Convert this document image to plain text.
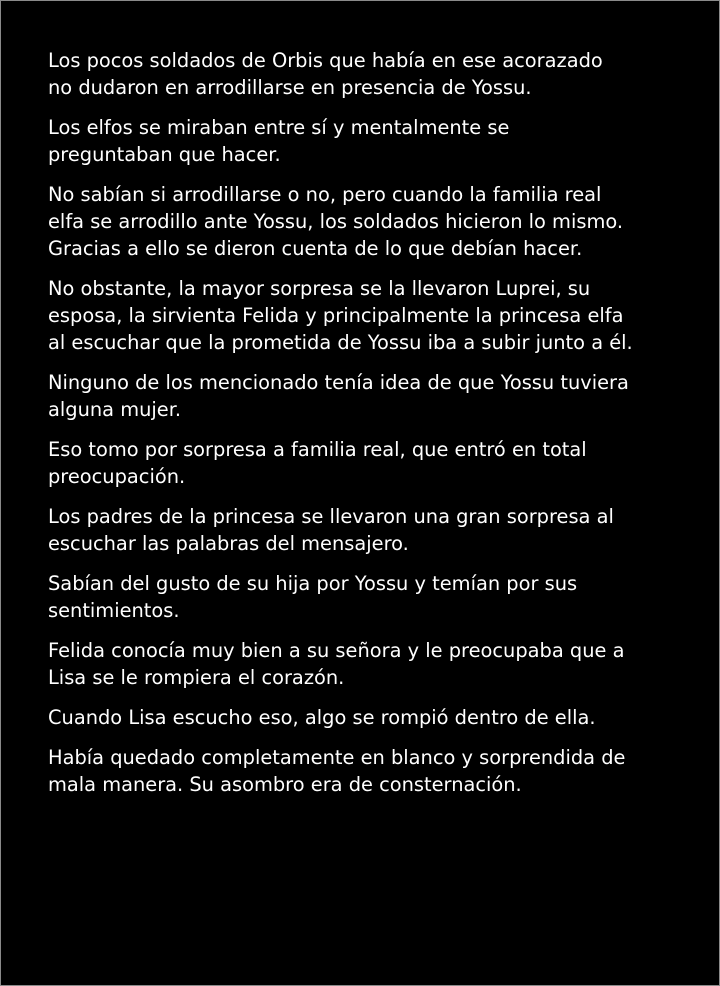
Los pocos soldados de Orbis que había en ese acorazado
no dudaron en arrodillarse en presencia de Yossu.

Los elfos se miraban entre sí y mentalmente se
preguntaban que hacer.

No sabían si arrodillarse o no, pero cuando la familia real
elfa se arrodillo ante Yossu, los soldados hicieron lo mismo.
Gracias a ello se dieron cuenta de lo que debían hacer.

No obstante, la mayor sorpresa se la llevaron Luprei, su
esposa, la sirvienta Felida y principalmente la princesa elfa
al escuchar que la prometida de Yossu iba a subir junto a él.

Ninguno de los mencionado tenía idea de que Yossu tuviera
alguna mujer.

Eso tomo por sorpresa a familia real, que entró en total
preocupación.

Los padres de la princesa se llevaron una gran sorpresa al
escuchar las palabras del mensajero.

Sabían del gusto de su hija por Yossu y temían por sus
sentimientos.

Felida conocía muy bien a su señora y le preocupaba que a
Lisa se le rompiera el corazón.

Cuando Lisa escucho eso, algo se rompió dentro de ella.

Había quedado completamente en blanco y sorprendida de
mala manera. Su asombro era de consternación.
